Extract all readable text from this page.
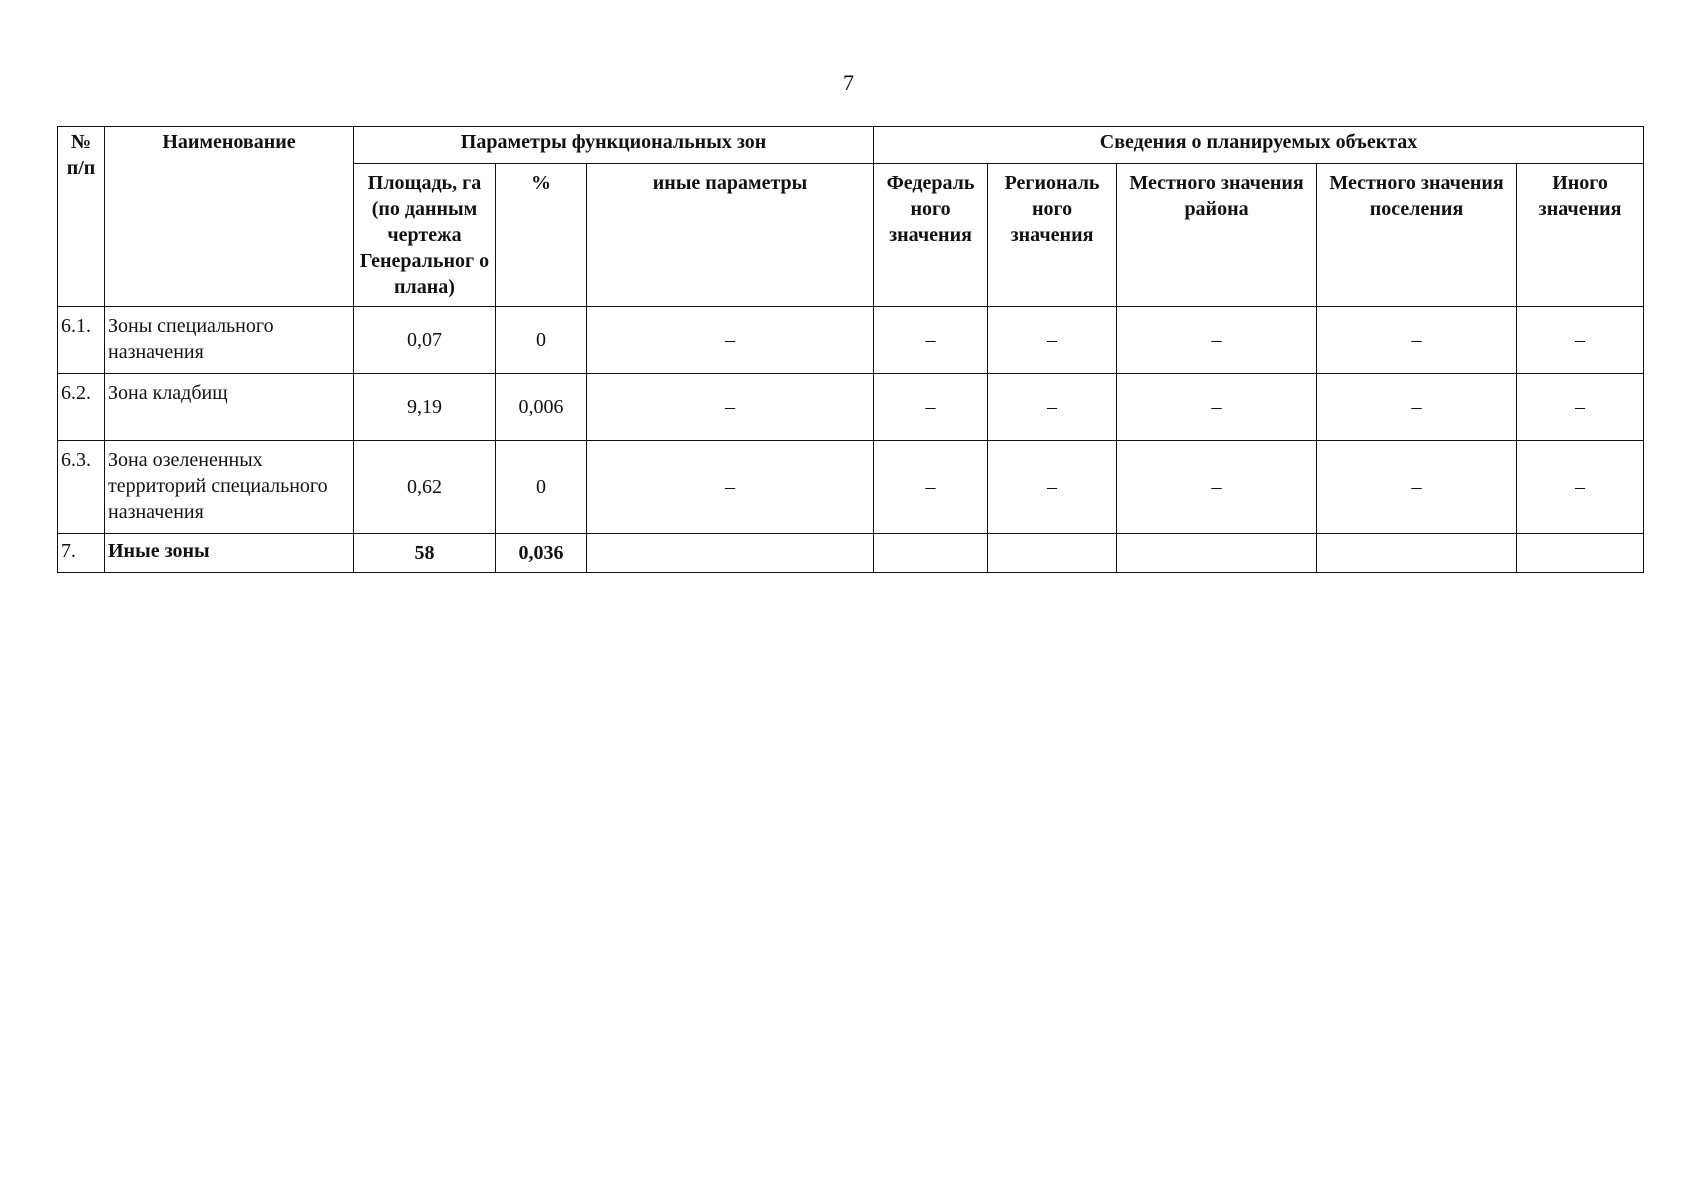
7
№ п/п	Наименование	Параметры функциональных зон			Сведения о планируемых объектах				
		Площадь, га (по данным чертежа Генеральног о плана)	%	иные параметры	Федераль ного значения	Региональ ного значения	Местного значения района	Местного значения поселения	Иного значения
6.1.	Зоны специального назначения	0,07	0	–	–	–	–	–	–
6.2.	Зона кладбищ	9,19	0,006	–	–	–	–	–	–
6.3.	Зона озелененных территорий специального назначения	0,62	0	–	–	–	–	–	–
7.	Иные зоны	58	0,036						
